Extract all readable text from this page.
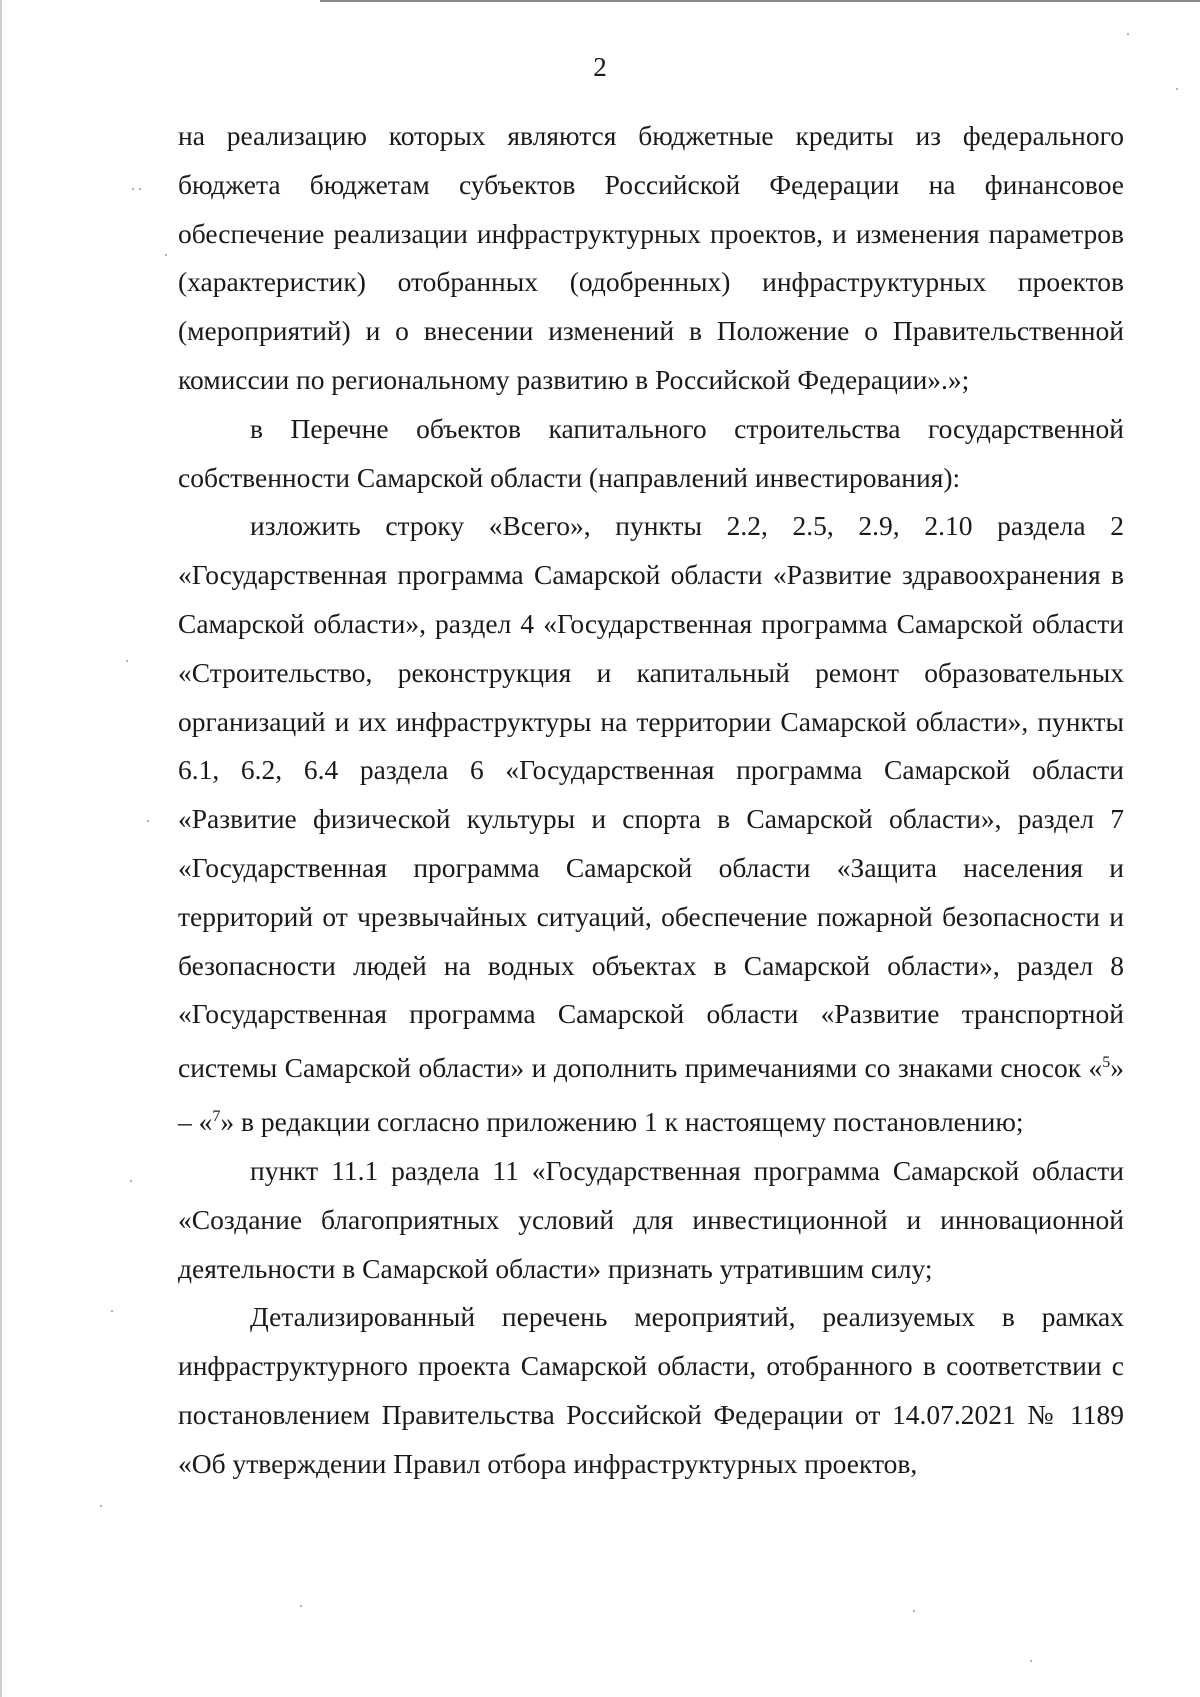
2

на реализацию которых являются бюджетные кредиты из федерального бюджета бюджетам субъектов Российской Федерации на финансовое обеспечение реализации инфраструктурных проектов, и изменения параметров (характеристик) отобранных (одобренных) инфраструктурных проектов (мероприятий) и о внесении изменений в Положение о Правительственной комиссии по региональному развитию в Российской Федерации».»;

в Перечне объектов капитального строительства государственной собственности Самарской области (направлений инвестирования):

изложить строку «Всего», пункты 2.2, 2.5, 2.9, 2.10 раздела 2 «Государственная программа Самарской области «Развитие здравоохранения в Самарской области», раздел 4 «Государственная программа Самарской области «Строительство, реконструкция и капитальный ремонт образовательных организаций и их инфраструктуры на территории Самарской области», пункты 6.1, 6.2, 6.4 раздела 6 «Государственная программа Самарской области «Развитие физической культуры и спорта в Самарской области», раздел 7 «Государственная программа Самарской области «Защита населения и территорий от чрезвычайных ситуаций, обеспечение пожарной безопасности и безопасности людей на водных объектах в Самарской области», раздел 8 «Государственная программа Самарской области «Развитие транспортной системы Самарской области» и дополнить примечаниями со знаками сносок «$^5$» – «$^7$» в редакции согласно приложению 1 к настоящему постановлению;

пункт 11.1 раздела 11 «Государственная программа Самарской области «Создание благоприятных условий для инвестиционной и инновационной деятельности в Самарской области» признать утратившим силу;

Детализированный перечень мероприятий, реализуемых в рамках инфраструктурного проекта Самарской области, отобранного в соответствии с постановлением Правительства Российской Федерации от 14.07.2021 № 1189 «Об утверждении Правил отбора инфраструктурных проектов,
